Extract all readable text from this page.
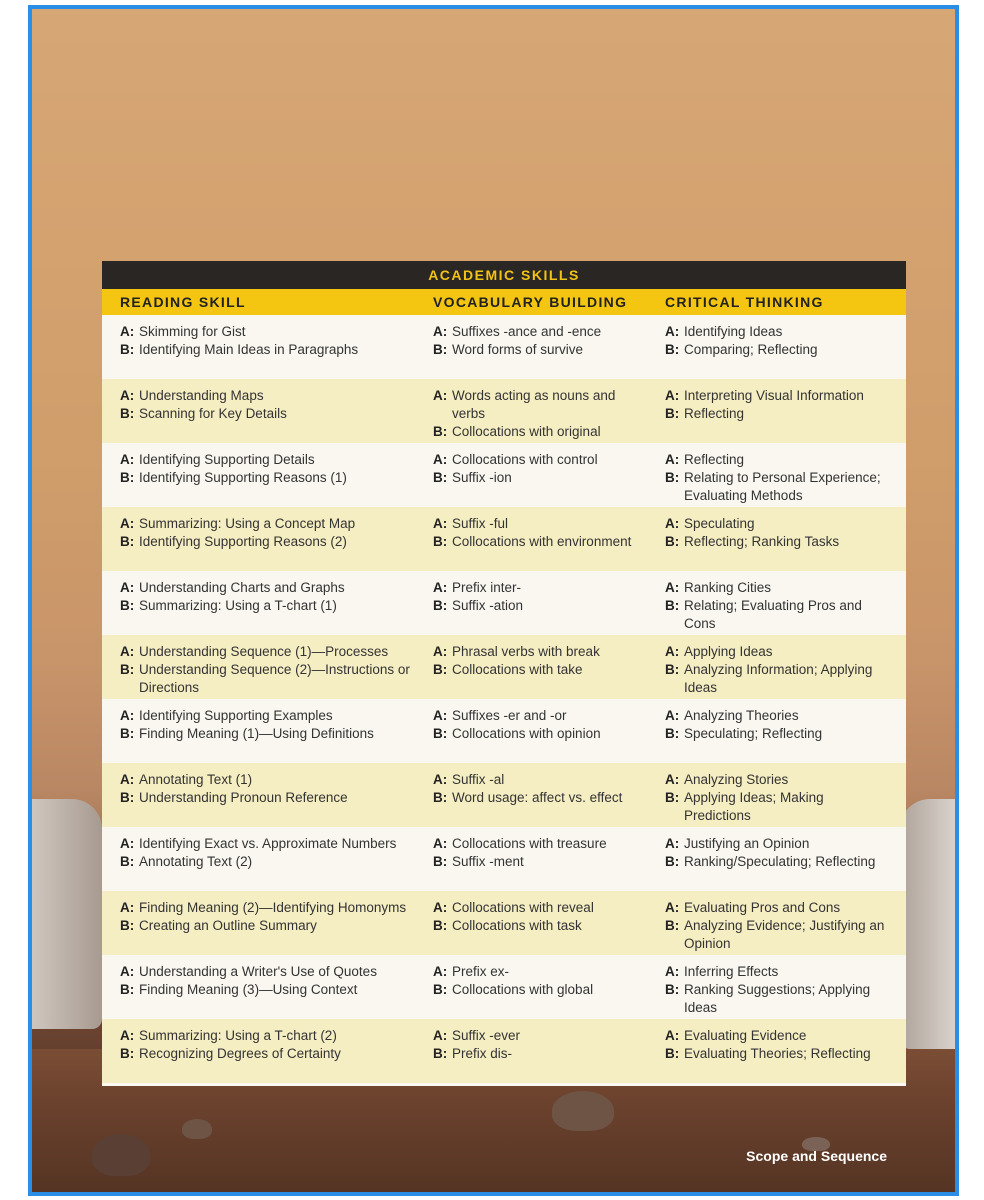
ACADEMIC SKILLS
READING SKILL	VOCABULARY BUILDING	CRITICAL THINKING
A: Skimming for Gist
B: Identifying Main Ideas in Paragraphs
A: Suffixes -ance and -ence
B: Word forms of survive
A: Identifying Ideas
B: Comparing; Reflecting
A: Understanding Maps
B: Scanning for Key Details
A: Words acting as nouns and verbs
B: Collocations with original
A: Interpreting Visual Information
B: Reflecting
A: Identifying Supporting Details
B: Identifying Supporting Reasons (1)
A: Collocations with control
B: Suffix -ion
A: Reflecting
B: Relating to Personal Experience; Evaluating Methods
A: Summarizing: Using a Concept Map
B: Identifying Supporting Reasons (2)
A: Suffix -ful
B: Collocations with environment
A: Speculating
B: Reflecting; Ranking Tasks
A: Understanding Charts and Graphs
B: Summarizing: Using a T-chart (1)
A: Prefix inter-
B: Suffix -ation
A: Ranking Cities
B: Relating; Evaluating Pros and Cons
A: Understanding Sequence (1)—Processes
B: Understanding Sequence (2)—Instructions or Directions
A: Phrasal verbs with break
B: Collocations with take
A: Applying Ideas
B: Analyzing Information; Applying Ideas
A: Identifying Supporting Examples
B: Finding Meaning (1)—Using Definitions
A: Suffixes -er and -or
B: Collocations with opinion
A: Analyzing Theories
B: Speculating; Reflecting
A: Annotating Text (1)
B: Understanding Pronoun Reference
A: Suffix -al
B: Word usage: affect vs. effect
A: Analyzing Stories
B: Applying Ideas; Making Predictions
A: Identifying Exact vs. Approximate Numbers
B: Annotating Text (2)
A: Collocations with treasure
B: Suffix -ment
A: Justifying an Opinion
B: Ranking/Speculating; Reflecting
A: Finding Meaning (2)—Identifying Homonyms
B: Creating an Outline Summary
A: Collocations with reveal
B: Collocations with task
A: Evaluating Pros and Cons
B: Analyzing Evidence; Justifying an Opinion
A: Understanding a Writer's Use of Quotes
B: Finding Meaning (3)—Using Context
A: Prefix ex-
B: Collocations with global
A: Inferring Effects
B: Ranking Suggestions; Applying Ideas
A: Summarizing: Using a T-chart (2)
B: Recognizing Degrees of Certainty
A: Suffix -ever
B: Prefix dis-
A: Evaluating Evidence
B: Evaluating Theories; Reflecting
Scope and Sequence
